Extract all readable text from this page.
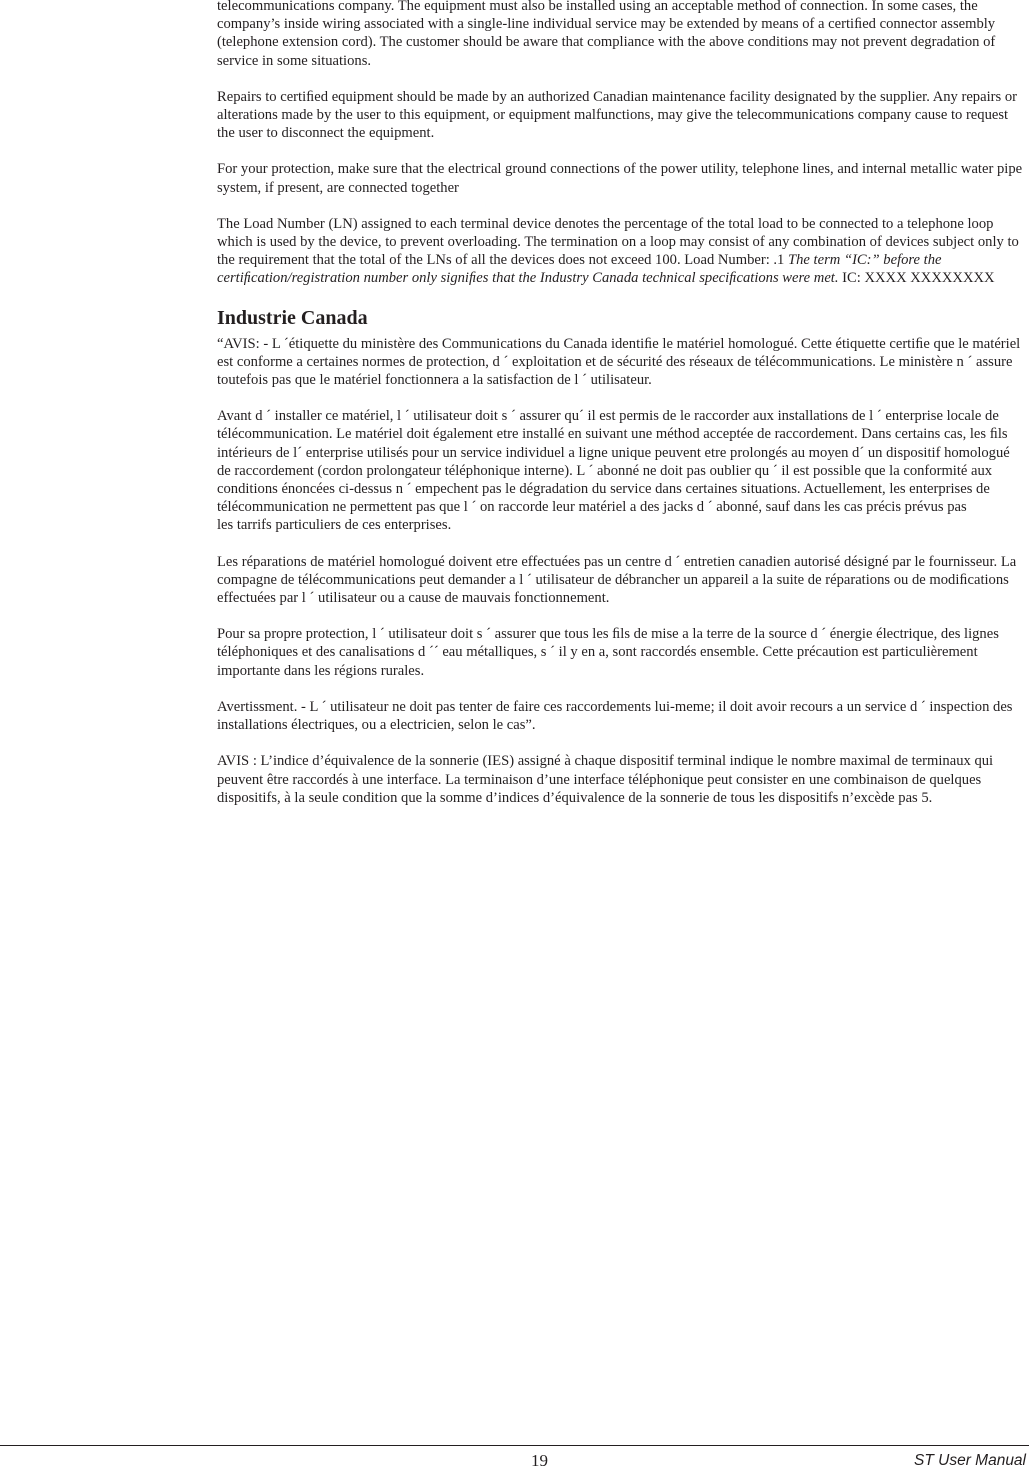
telecommunications company. The equipment must also be installed using an acceptable method of connection. In some cases, the company’s inside wiring associated with a single-line individual service may be extended by means of a certiﬁed connector assembly (telephone extension cord). The customer should be aware that compliance with the above conditions may not prevent degradation of service in some situations.

Repairs to certiﬁed equipment should be made by an authorized Canadian maintenance facility designated by the supplier. Any repairs or alterations made by the user to this equipment, or equipment malfunctions, may give the telecommunications company cause to request the user to disconnect the equipment.

For your protection, make sure that the electrical ground connections of the power utility, telephone lines, and internal metallic water pipe system, if present, are connected together

The Load Number (LN) assigned to each terminal device denotes the percentage of the total load to be connected to a telephone loop which is used by the device, to prevent overloading. The termination on a loop may consist of any combination of devices subject only to the requirement that the total of the LNs of all the devices does not exceed 100. Load Number: .1 The term “IC:” before the certiﬁcation/registration number only signiﬁes that the Industry Canada technical speciﬁcations were met. IC: XXXX XXXXXXXX

Industrie Canada

“AVIS: - L ´étiquette du ministère des Communications du Canada identiﬁe le matériel homologué. Cette étiquette certiﬁe que le matériel est conforme a certaines normes de protection, d ´ exploitation et de sécurité des réseaux de télécommunications. Le ministère n ´ assure toutefois pas que le matériel fonctionnera a la satisfaction de l ´ utilisateur.

Avant d ´ installer ce matériel, l ´ utilisateur doit s ´ assurer qu´ il est permis de le raccorder aux installations de l ´ enterprise locale de télécommunication. Le matériel doit également etre installé en suivant une méthod acceptée de raccordement. Dans certains cas, les ﬁls intérieurs de l´ enterprise utilisés pour un service individuel a ligne unique peuvent etre prolongés au moyen d´ un dispositif homologué de raccordement (cordon prolongateur téléphonique interne). L ´ abonné ne doit pas oublier qu ´ il est possible que la conformité aux conditions énoncées ci-dessus n ´ empechent pas le dégradation du service dans certaines situations. Actuellement, les enterprises de télécommunication ne permettent pas que l ´ on raccorde leur matériel a des jacks d ´ abonné, sauf dans les cas précis prévus pas

les tarrifs particuliers de ces enterprises.

Les réparations de matériel homologué doivent etre effectuées pas un centre d ´ entretien canadien autorisé désigné par le fournisseur. La compagne de télécommunications peut demander a l ´ utilisateur de débrancher un appareil a la suite de réparations ou de modiﬁcations effectuées par l ´ utilisateur ou a cause de mauvais fonctionnement.

Pour sa propre protection, l ´ utilisateur doit s ´ assurer que tous les ﬁls de mise a la terre de la source d ´ énergie électrique, des lignes téléphoniques et des canalisations d ´´ eau métalliques, s ´ il y en a, sont raccordés ensemble. Cette précaution est particulièrement importante dans les régions rurales.

Avertissment. - L ´ utilisateur ne doit pas tenter de faire ces raccordements lui-meme; il doit avoir recours a un service d ´ inspection des installations électriques, ou a electricien, selon le cas”.

AVIS : L’indice d’équivalence de la sonnerie (IES) assigné à chaque dispositif terminal indique le nombre maximal de terminaux qui peuvent être raccordés à une interface. La terminaison d’une interface téléphonique peut consister en une combinaison de quelques dispositifs, à la seule condition que la somme d’indices d’équivalence de la sonnerie de tous les dispositifs n’excède pas 5.

19	ST User Manual
